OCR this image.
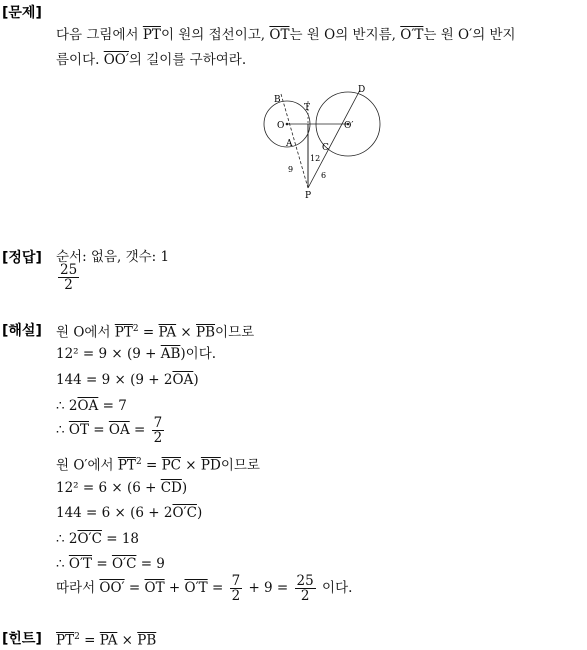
[문제]
다음 그림에서 $\overline{PT}$이 원의 접선이고, $\overline{OT}$는 원 O의 반지름, O′T는 원 O′의 반지
름이다. OO′의 길이를 구하여라.
B
D
T
O	O′
A	C
12
9
6
P
[정답] 순서: 없음, 갯수: 1
$\frac{25}{2}$
[해설] 원 O에서 $\overline{PT}^2 = \overline{PA} \times \overline{PB}$이므로
$12^2 = 9 \times (9 + \overline{AB})$이다.
$144 = 9 \times (9 + 2\overline{OA})$
∴ $2\overline{OA} = 7$
∴ $\overline{OT} = \overline{OA} = \frac{7}{2}$
원 O′에서 $\overline{PT}^2 = \overline{PC} \times \overline{PD}$이므로
$12^2 = 6 \times (6 + \overline{CD})$
144 = 6 × (6 + 2O′C)
∴ 2O′C = 18
∴ O′T = O′C = 9
따라서 $OO' = \overline{OT} + O'T = \frac{7}{2} + 9 = \frac{25}{2}$ 이다.
[힌트] $\overline{PT}^2 = \overline{PA} \times \overline{PB}$
